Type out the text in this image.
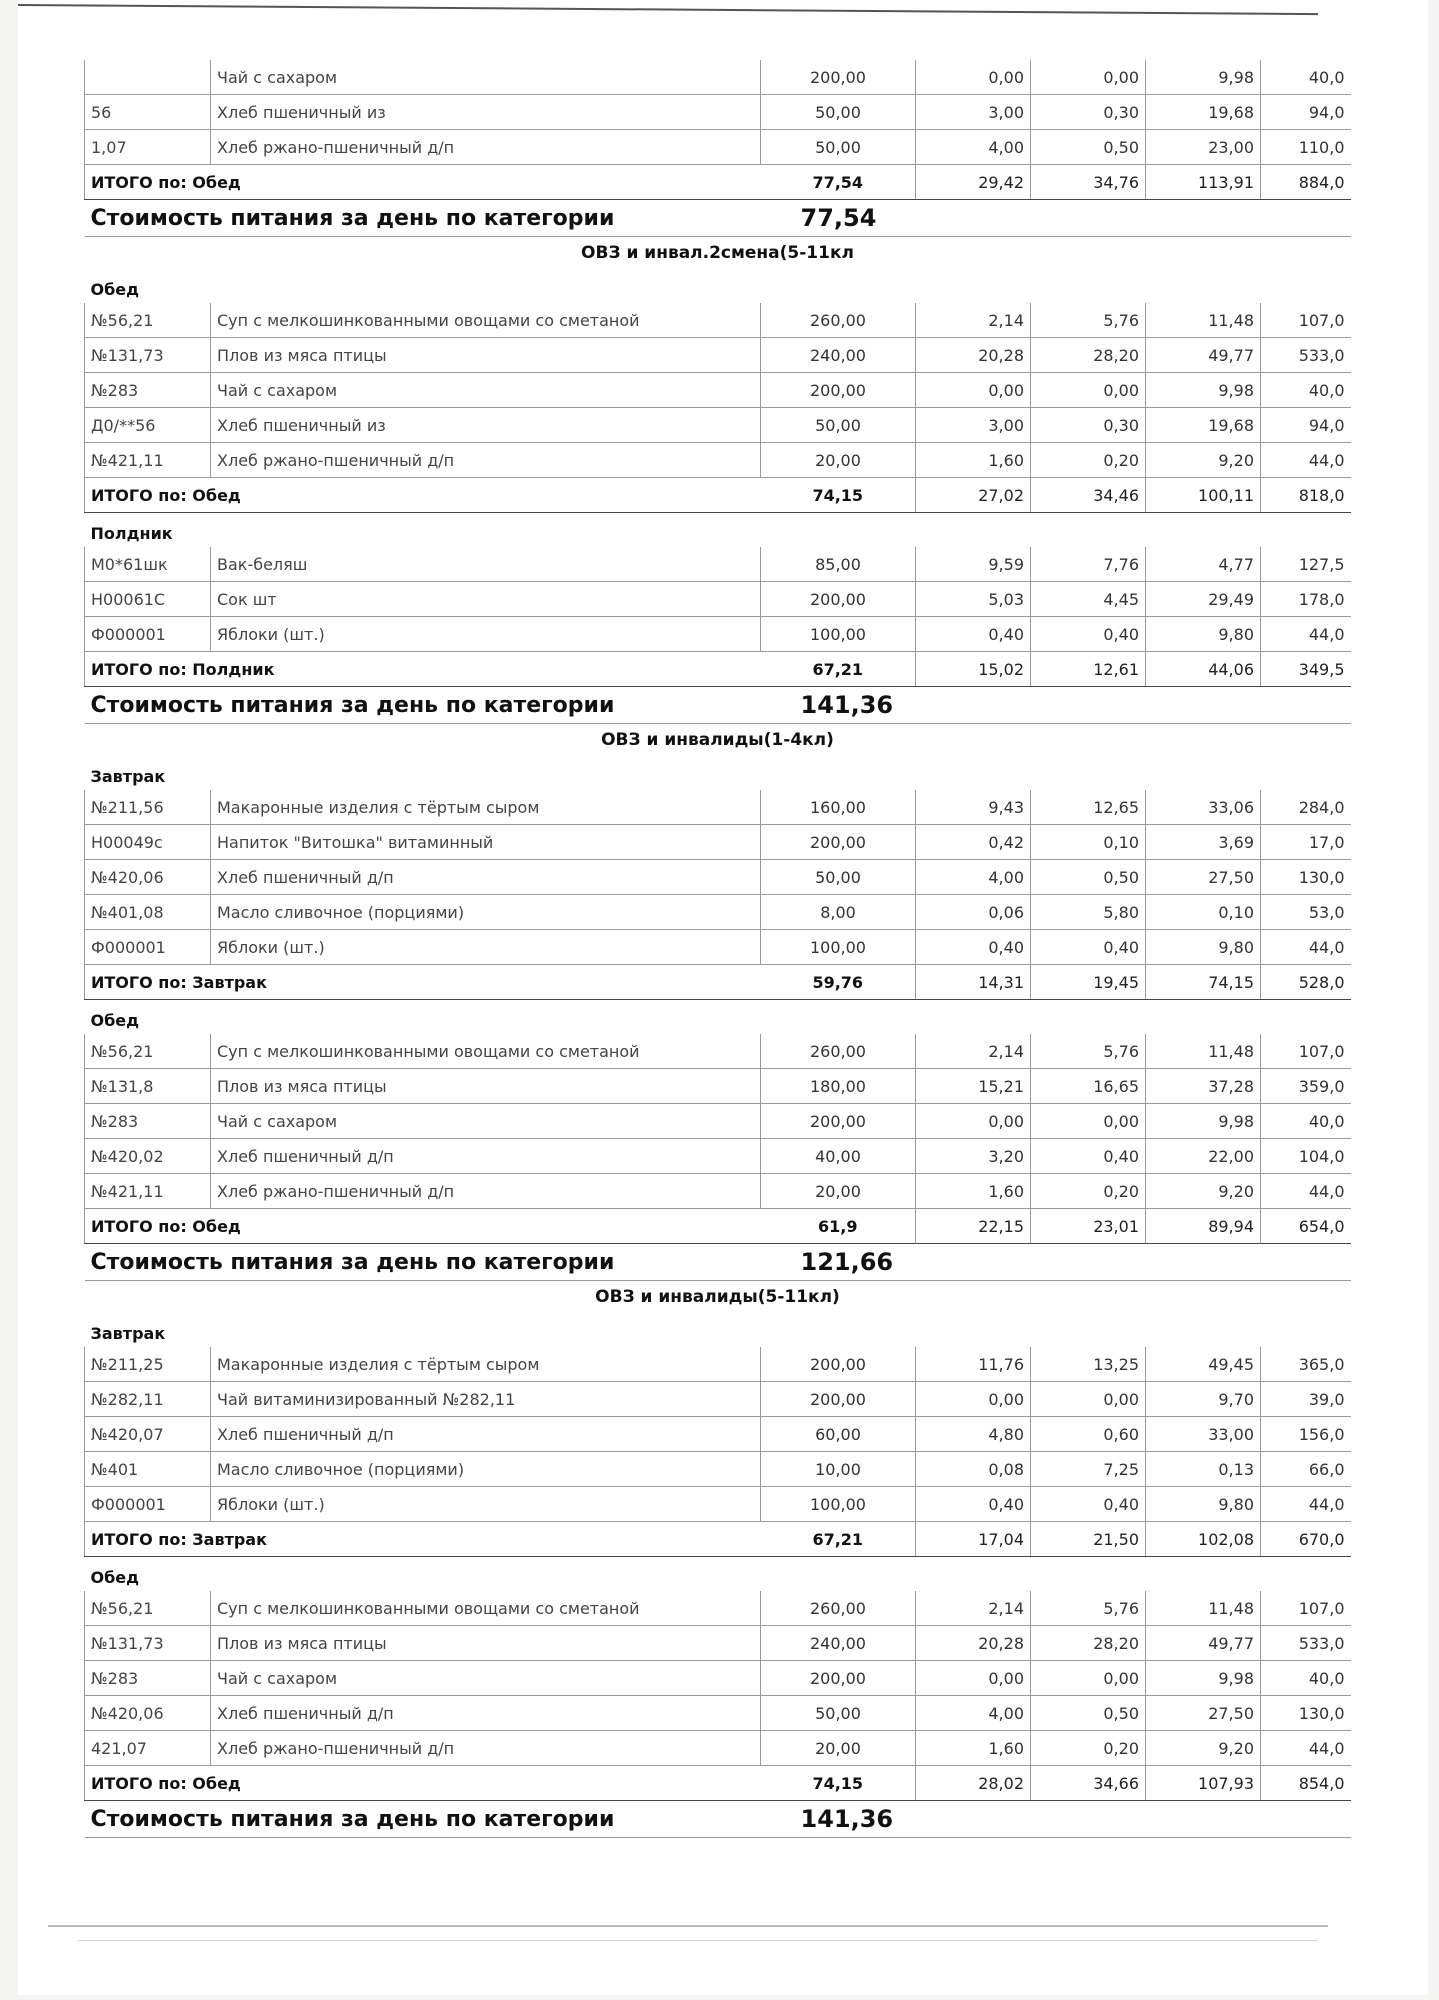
	Чай с сахаром	200,00	0,00	0,00	9,98	40,0
56	Хлеб пшеничный из	50,00	3,00	0,30	19,68	94,0
1,07	Хлеб ржано-пшеничный д/п	50,00	4,00	0,50	23,00	110,0
ИТОГО по: Обед		77,54	29,42	34,76	113,91	884,0
Стоимость питания за день по категории		77,54				
ОВЗ и инвал.2смена(5-11кл						
Обед						
№56,21	Суп с мелкошинкованными овощами со сметаной	260,00	2,14	5,76	11,48	107,0
№131,73	Плов из мяса птицы	240,00	20,28	28,20	49,77	533,0
№283	Чай с сахаром	200,00	0,00	0,00	9,98	40,0
Д0/**56	Хлеб пшеничный из	50,00	3,00	0,30	19,68	94,0
№421,11	Хлеб ржано-пшеничный д/п	20,00	1,60	0,20	9,20	44,0
ИТОГО по: Обед		74,15	27,02	34,46	100,11	818,0
Полдник						
М0*61шк	Вак-беляш	85,00	9,59	7,76	4,77	127,5
Н00061С	Сок шт	200,00	5,03	4,45	29,49	178,0
Ф000001	Яблоки (шт.)	100,00	0,40	0,40	9,80	44,0
ИТОГО по: Полдник		67,21	15,02	12,61	44,06	349,5
Стоимость питания за день по категории		141,36				
ОВЗ и инвалиды(1-4кл)						
Завтрак						
№211,56	Макаронные изделия с тёртым сыром	160,00	9,43	12,65	33,06	284,0
Н00049с	Напиток "Витошка" витаминный	200,00	0,42	0,10	3,69	17,0
№420,06	Хлеб пшеничный д/п	50,00	4,00	0,50	27,50	130,0
№401,08	Масло сливочное (порциями)	8,00	0,06	5,80	0,10	53,0
Ф000001	Яблоки (шт.)	100,00	0,40	0,40	9,80	44,0
ИТОГО по: Завтрак		59,76	14,31	19,45	74,15	528,0
Обед						
№56,21	Суп с мелкошинкованными овощами со сметаной	260,00	2,14	5,76	11,48	107,0
№131,8	Плов из мяса птицы	180,00	15,21	16,65	37,28	359,0
№283	Чай с сахаром	200,00	0,00	0,00	9,98	40,0
№420,02	Хлеб пшеничный д/п	40,00	3,20	0,40	22,00	104,0
№421,11	Хлеб ржано-пшеничный д/п	20,00	1,60	0,20	9,20	44,0
ИТОГО по: Обед		61,9	22,15	23,01	89,94	654,0
Стоимость питания за день по категории		121,66				
ОВЗ и инвалиды(5-11кл)						
Завтрак						
№211,25	Макаронные изделия с тёртым сыром	200,00	11,76	13,25	49,45	365,0
№282,11	Чай витаминизированный №282,11	200,00	0,00	0,00	9,70	39,0
№420,07	Хлеб пшеничный д/п	60,00	4,80	0,60	33,00	156,0
№401	Масло сливочное (порциями)	10,00	0,08	7,25	0,13	66,0
Ф000001	Яблоки (шт.)	100,00	0,40	0,40	9,80	44,0
ИТОГО по: Завтрак		67,21	17,04	21,50	102,08	670,0
Обед						
№56,21	Суп с мелкошинкованными овощами со сметаной	260,00	2,14	5,76	11,48	107,0
№131,73	Плов из мяса птицы	240,00	20,28	28,20	49,77	533,0
№283	Чай с сахаром	200,00	0,00	0,00	9,98	40,0
№420,06	Хлеб пшеничный д/п	50,00	4,00	0,50	27,50	130,0
421,07	Хлеб ржано-пшеничный д/п	20,00	1,60	0,20	9,20	44,0
ИТОГО по: Обед		74,15	28,02	34,66	107,93	854,0
Стоимость питания за день по категории		141,36				
